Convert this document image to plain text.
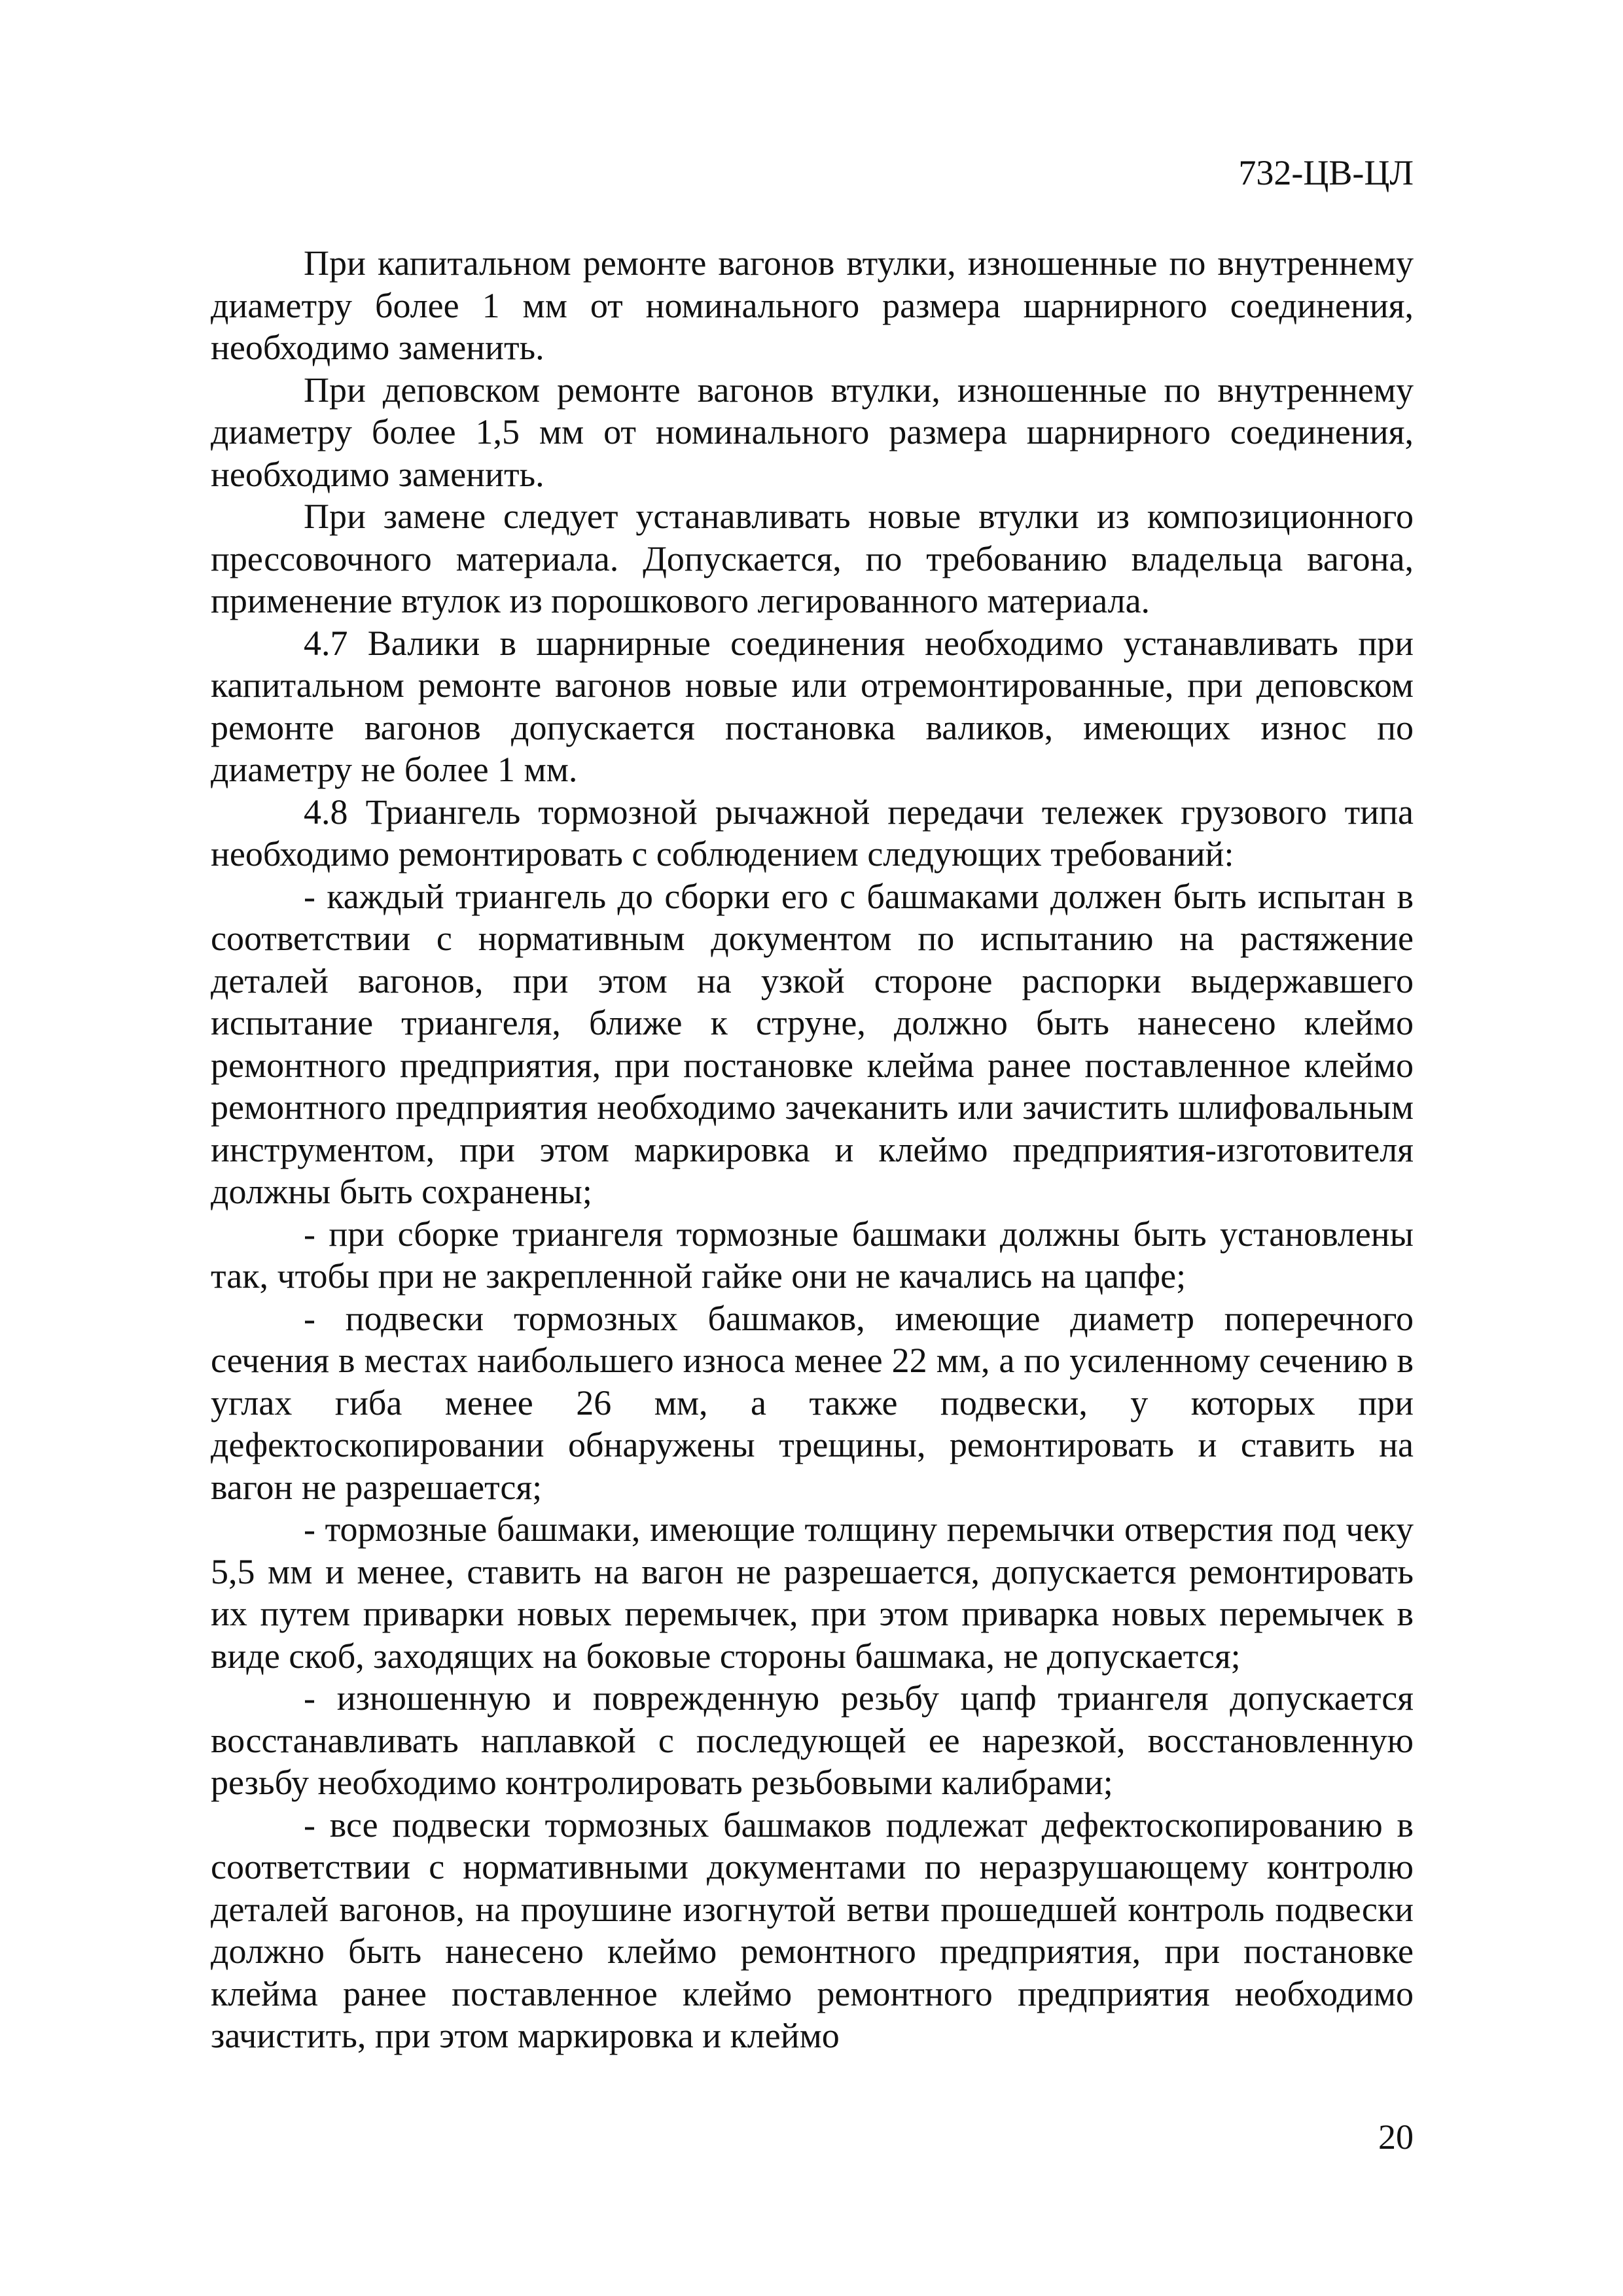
732-ЦВ-ЦЛ

При капитальном ремонте вагонов втулки, изношенные по внутреннему диаметру более 1 мм от номинального размера шарнирного соединения, необходимо заменить.

При деповском ремонте вагонов втулки, изношенные по внутреннему диаметру более 1,5 мм от номинального размера шарнирного соединения, необходимо заменить.

При замене следует устанавливать новые втулки из композиционного прессовочного материала. Допускается, по требованию владельца вагона, применение втулок из порошкового легированного материала.

4.7 Валики в шарнирные соединения необходимо устанавливать при капитальном ремонте вагонов новые или отремонтированные, при деповском ремонте вагонов допускается постановка валиков, имеющих износ по диаметру не более 1 мм.

4.8 Триангель тормозной рычажной передачи тележек грузового типа необходимо ремонтировать с соблюдением следующих требований:

- каждый триангель до сборки его с башмаками должен быть испытан в соответствии с нормативным документом по испытанию на растяжение деталей вагонов, при этом на узкой стороне распорки выдержавшего испытание триангеля, ближе к струне, должно быть нанесено клеймо ремонтного предприятия, при постановке клейма ранее поставленное клеймо ремонтного предприятия необходимо зачеканить или зачистить шлифовальным инструментом, при этом маркировка и клеймо предприятия-изготовителя должны быть сохранены;

- при сборке триангеля тормозные башмаки должны быть установлены так, чтобы при не закрепленной гайке они не качались на цапфе;

- подвески тормозных башмаков, имеющие диаметр поперечного сечения в местах наибольшего износа менее 22 мм, а по усиленному сечению в углах гиба менее 26 мм, а также подвески, у которых при дефектоскопировании обнаружены трещины, ремонтировать и ставить на вагон не разрешается;

- тормозные башмаки, имеющие толщину перемычки отверстия под чеку 5,5 мм и менее, ставить на вагон не разрешается, допускается ремонтировать их путем приварки новых перемычек, при этом приварка новых перемычек в виде скоб, заходящих на боковые стороны башмака, не допускается;

- изношенную и поврежденную резьбу цапф триангеля допускается восстанавливать наплавкой с последующей ее нарезкой, восстановленную резьбу необходимо контролировать резьбовыми калибрами;

- все подвески тормозных башмаков подлежат дефектоскопированию в соответствии с нормативными документами по неразрушающему контролю деталей вагонов, на проушине изогнутой ветви прошедшей контроль подвески должно быть нанесено клеймо ремонтного предприятия, при постановке клейма ранее поставленное клеймо ремонтного предприятия необходимо зачистить, при этом маркировка и клеймо

20
